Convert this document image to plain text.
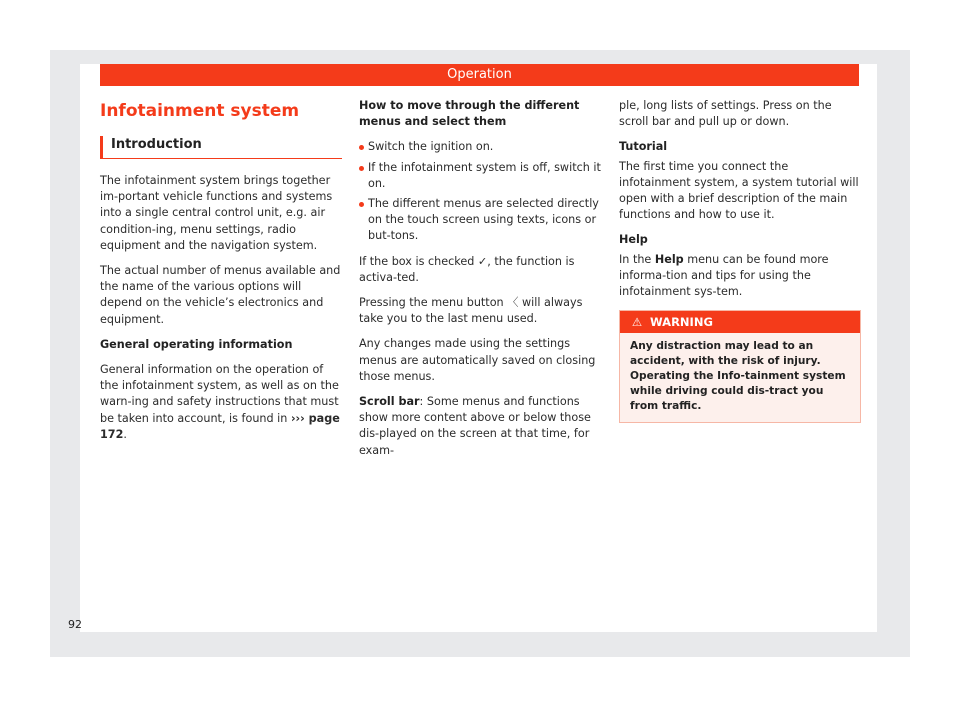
Operation
Infotainment system
Introduction

The infotainment system brings together im-portant vehicle functions and systems into a single central control unit, e.g. air condition-ing, menu settings, radio equipment and the navigation system.

The actual number of menus available and the name of the various options will depend on the vehicle’s electronics and equipment.

General operating information

General information on the operation of the infotainment system, as well as on the warn-ing and safety instructions that must be taken into account, is found in ››› page 172.

How to move through the different menus and select them

Switch the ignition on.
If the infotainment system is off, switch it on.
The different menus are selected directly on the touch screen using texts, icons or but-tons.

If the box is checked ✓, the function is activa-ted.

Pressing the menu button 〈 will always take you to the last menu used.

Any changes made using the settings menus are automatically saved on closing those menus.

Scroll bar: Some menus and functions show more content above or below those dis-played on the screen at that time, for exam-

ple, long lists of settings. Press on the scroll bar and pull up or down.

Tutorial

The first time you connect the infotainment system, a system tutorial will open with a brief description of the main functions and how to use it.

Help

In the Help menu can be found more informa-tion and tips for using the infotainment sys-tem.

⚠ WARNING
Any distraction may lead to an accident, with the risk of injury. Operating the Info-tainment system while driving could dis-tract you from traffic.
92
